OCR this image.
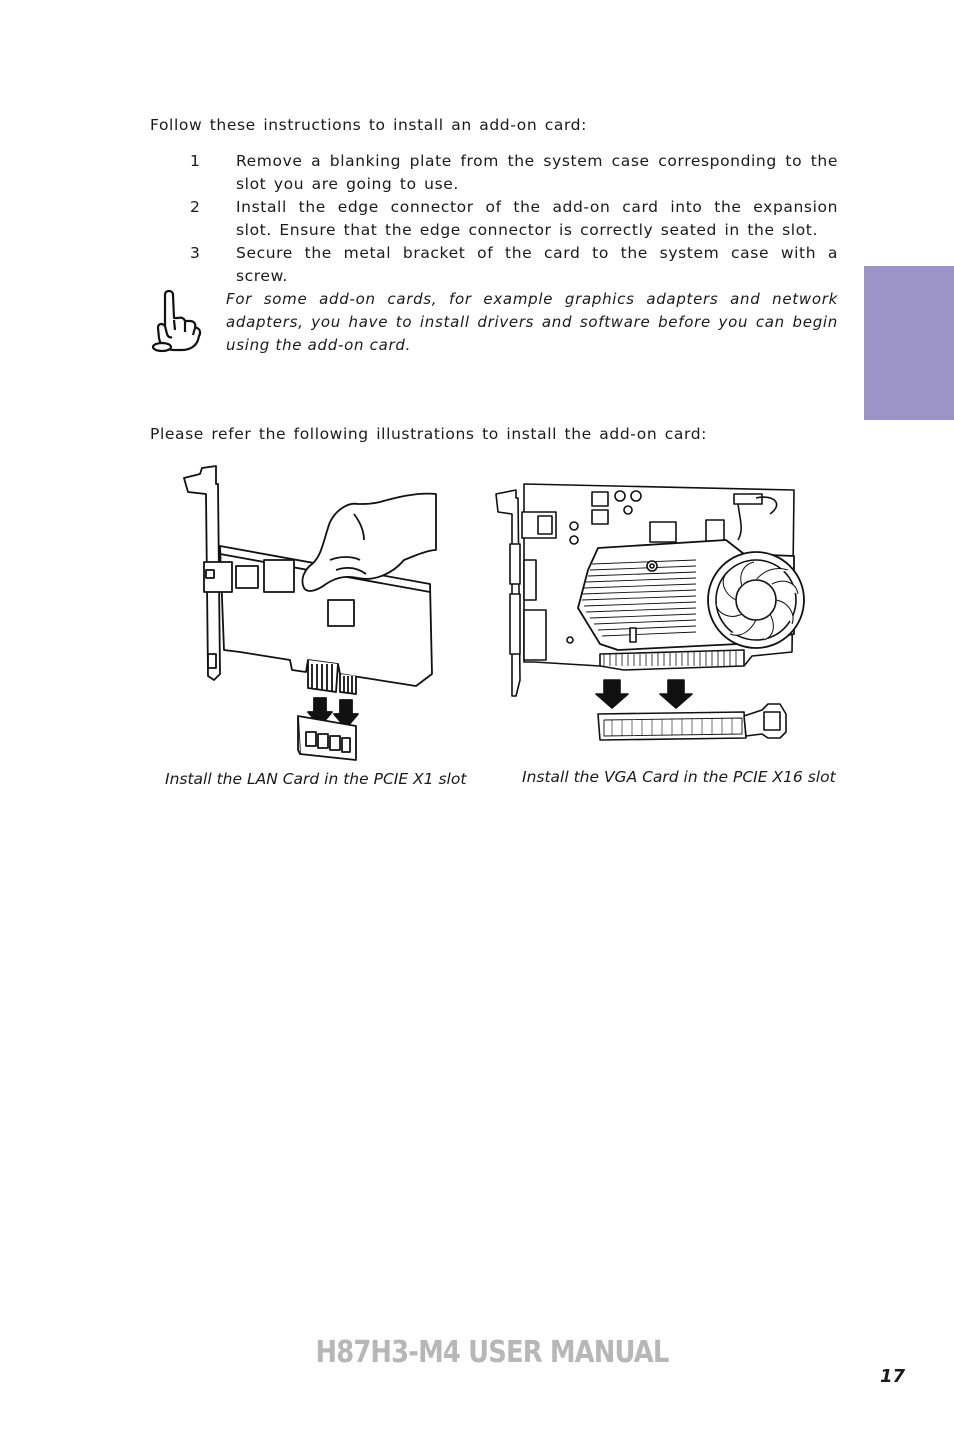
Follow these instructions to install an add-on card:
1 Remove a blanking plate from the system case corresponding to the slot you are going to use.
2 Install the edge connector of the add-on card into the expansion slot. Ensure that the edge connector is correctly seated in the slot.
3 Secure the metal bracket of the card to the system case with a screw.
For some add-on cards, for example graphics adapters and network adapters, you have to install drivers and software before you can begin using the add-on card.
Please refer the following illustrations to install the add-on card:
Install the LAN Card in the PCIE X1 slot	Install the VGA Card in the PCIE X16 slot
H87H3-M4 USER MANUAL
17
